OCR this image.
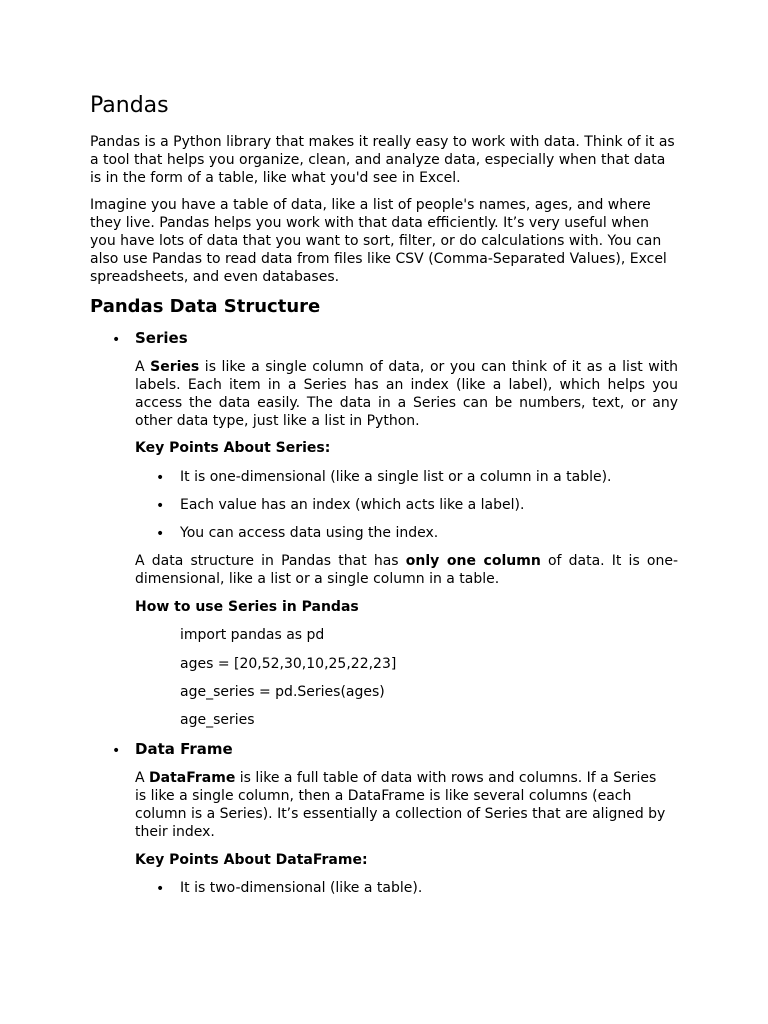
Pandas

Pandas is a Python library that makes it really easy to work with data. Think of it as a tool that helps you organize, clean, and analyze data, especially when that data is in the form of a table, like what you'd see in Excel.

Imagine you have a table of data, like a list of people's names, ages, and where they live. Pandas helps you work with that data efficiently. It’s very useful when you have lots of data that you want to sort, filter, or do calculations with. You can also use Pandas to read data from files like CSV (Comma-Separated Values), Excel spreadsheets, and even databases.

Pandas Data Structure
• Series

A Series is like a single column of data, or you can think of it as a list with labels. Each item in a Series has an index (like a label), which helps you access the data easily. The data in a Series can be numbers, text, or any other data type, just like a list in Python.

Key Points About Series:

• It is one-dimensional (like a single list or a column in a table).
• Each value has an index (which acts like a label).
• You can access data using the index.

A data structure in Pandas that has only one column of data. It is one-dimensional, like a list or a single column in a table.

How to use Series in Pandas

import pandas as pd
ages = [20,52,30,10,25,22,23]
age_series = pd.Series(ages)
age_series
• Data Frame

A DataFrame is like a full table of data with rows and columns. If a Series is like a single column, then a DataFrame is like several columns (each column is a Series). It’s essentially a collection of Series that are aligned by their index.

Key Points About DataFrame:

• It is two-dimensional (like a table).
